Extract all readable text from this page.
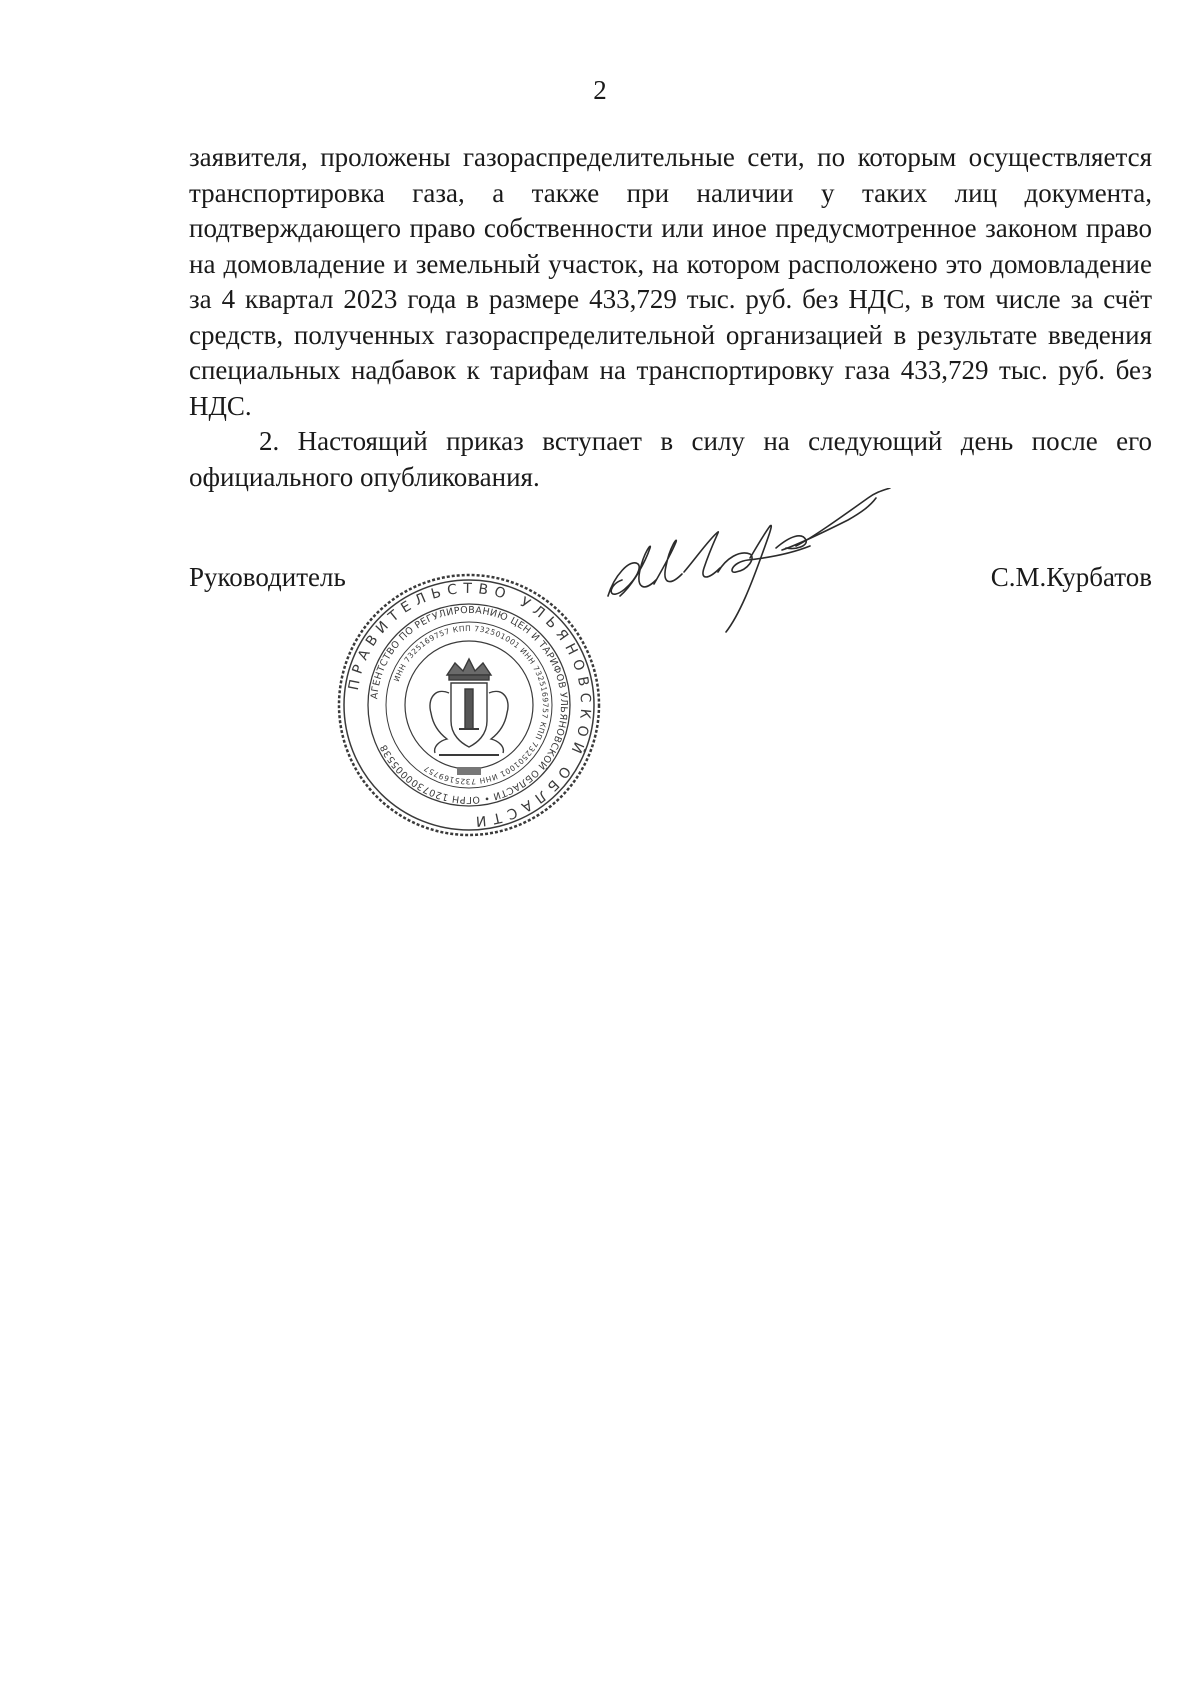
2

заявителя, проложены газораспределительные сети, по которым осуществляется транспортировка газа, а также при наличии у таких лиц документа, подтверждающего право собственности или иное предусмотренное законом право на домовладение и земельный участок, на котором расположено это домовладение за 4 квартал 2023 года в размере 433,729 тыс. руб. без НДС, в том числе за счёт средств, полученных газораспределительной организацией в результате введения специальных надбавок к тарифам на транспортировку газа 433,729 тыс. руб. без НДС.

2. Настоящий приказ вступает в силу на следующий день после его официального опубликования.

Руководитель	С.М.Курбатов
ПРАВИТЕЛЬСТВО УЛЬЯНОВСКОЙ ОБЛАСТИ
АГЕНТСТВО ПО РЕГУЛИРОВАНИЮ ЦЕН И ТАРИФОВ УЛЬЯНОВСКОЙ ОБЛАСТИ • ОГРН 1207300005538
ИНН 7325169757 КПП 732501001 ИНН 7325169757 КПП 732501001 ИНН 7325169757
